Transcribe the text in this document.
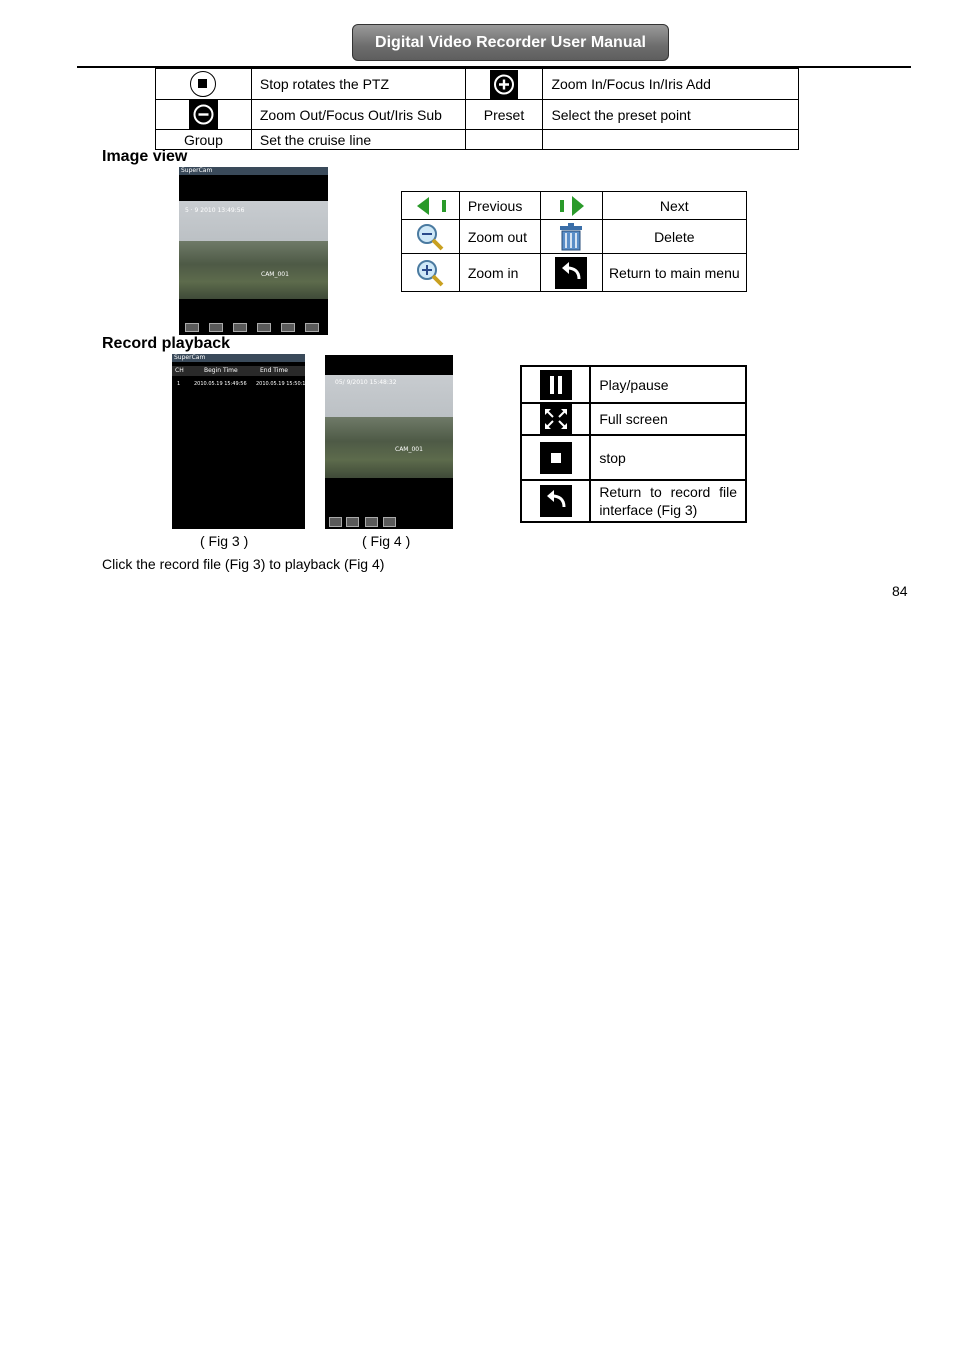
Digital Video Recorder User Manual
	Stop rotates the PTZ		Zoom In/Focus In/Iris Add
	Zoom Out/Focus Out/Iris Sub	Preset	Select the preset point
Group	Set the cruise line		
Image view
SuperCam
5 · 9 2010 13:49:56
CAM_001
	Previous		Next
	Zoom out		Delete
	Zoom in		Return to main menu
Record playback
SuperCam
CH	Begin Time	End Time
1	2010.05.19 15:49:56 2010.05.19 15:50:10	05/ 9/2010 15:48:32
CAM_001
( Fig 3 )	( Fig 4 )
	Play/pause
	Full screen
	stop
	Return to record file interface (Fig 3)
Click the record file (Fig 3) to playback (Fig 4)
84
